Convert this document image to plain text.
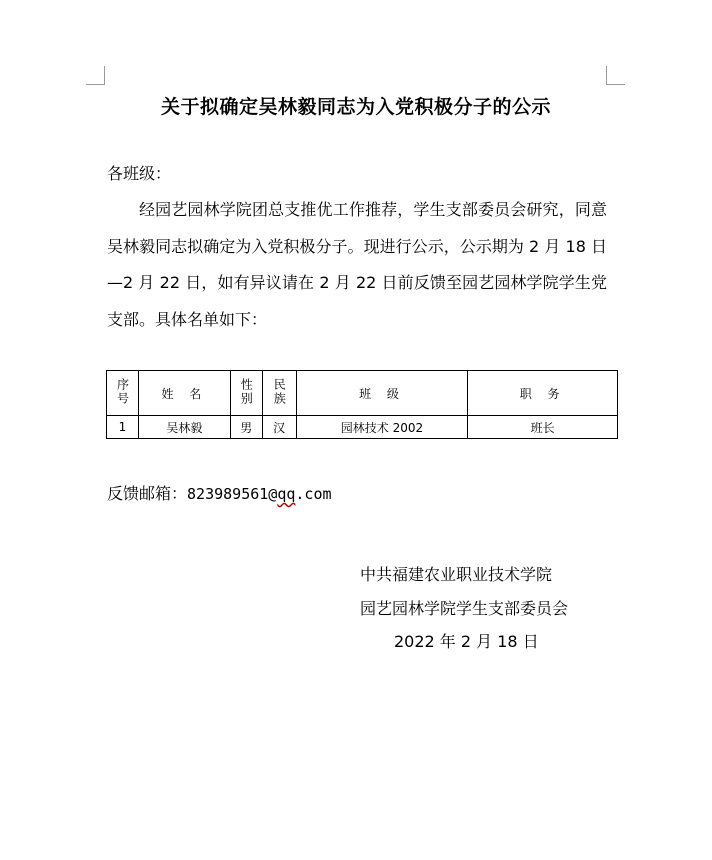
关于拟确定吴林毅同志为入党积极分子的公示
各班级：
经园艺园林学院团总支推优工作推荐，学生支部委员会研究，同意吴林毅同志拟确定为入党积极分子。现进行公示，公示期为 2 月 18 日—2 月 22 日，如有异议请在 2 月 22 日前反馈至园艺园林学院学生党支部。具体名单如下：
序号	姓 名	性别	民族	班 级	职 务
1	吴林毅	男	汉	园林技术 2002	班长
反馈邮箱：823989561@qq.com
中共福建农业职业技术学院
园艺园林学院学生支部委员会
2022 年 2 月 18 日
